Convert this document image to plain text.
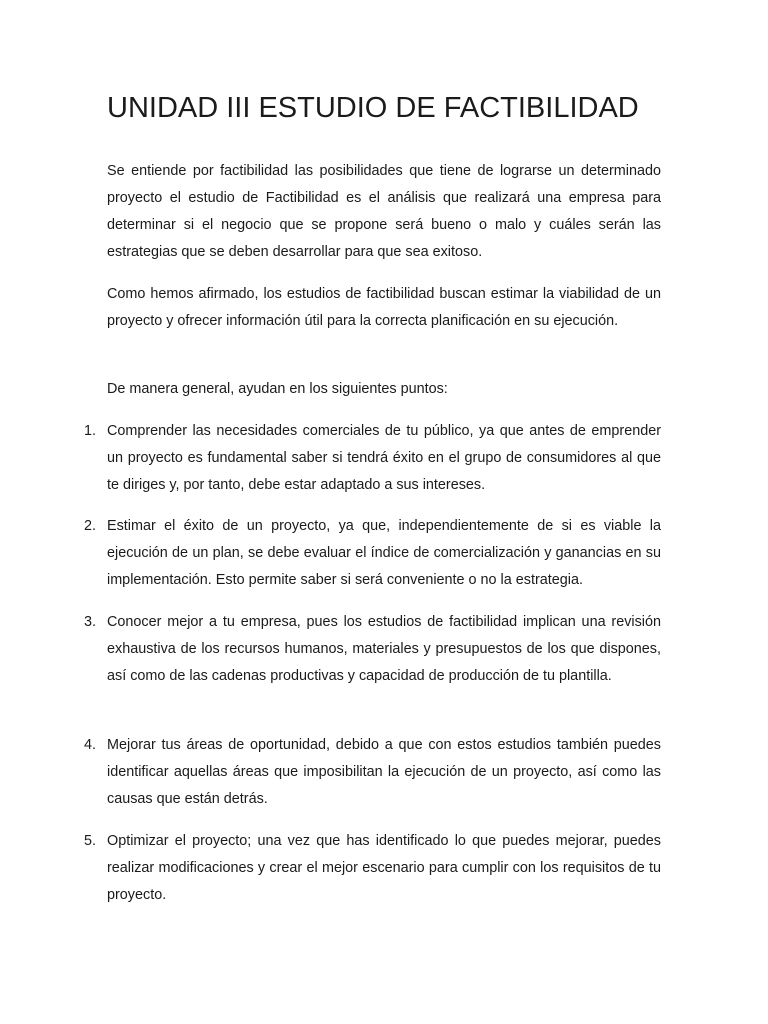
UNIDAD III ESTUDIO DE FACTIBILIDAD

Se entiende por factibilidad las posibilidades que tiene de lograrse un determinado proyecto el estudio de Factibilidad es el análisis que realizará una empresa para determinar si el negocio que se propone será bueno o malo y cuáles serán las estrategias que se deben desarrollar para que sea exitoso.

Como hemos afirmado, los estudios de factibilidad buscan estimar la viabilidad de un proyecto y ofrecer información útil para la correcta planificación en su ejecución.

De manera general, ayudan en los siguientes puntos:

1. Comprender las necesidades comerciales de tu público, ya que antes de emprender un proyecto es fundamental saber si tendrá éxito en el grupo de consumidores al que te diriges y, por tanto, debe estar adaptado a sus intereses.

2. Estimar el éxito de un proyecto, ya que, independientemente de si es viable la ejecución de un plan, se debe evaluar el índice de comercialización y ganancias en su implementación. Esto permite saber si será conveniente o no la estrategia.

3. Conocer mejor a tu empresa, pues los estudios de factibilidad implican una revisión exhaustiva de los recursos humanos, materiales y presupuestos de los que dispones, así como de las cadenas productivas y capacidad de producción de tu plantilla.

4. Mejorar tus áreas de oportunidad, debido a que con estos estudios también puedes identificar aquellas áreas que imposibilitan la ejecución de un proyecto, así como las causas que están detrás.

5. Optimizar el proyecto; una vez que has identificado lo que puedes mejorar, puedes realizar modificaciones y crear el mejor escenario para cumplir con los requisitos de tu proyecto.
